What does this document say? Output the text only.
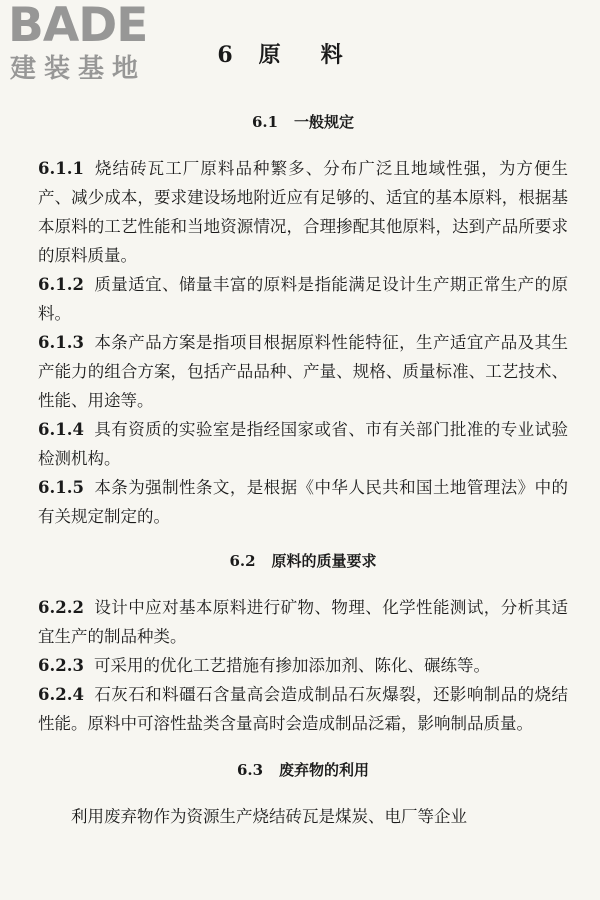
BADE
建装基地	6 原料
6.1 一般规定

6.1.1 烧结砖瓦工厂原料品种繁多、分布广泛且地域性强，为方便生产、减少成本，要求建设场地附近应有足够的、适宜的基本原料，根据基本原料的工艺性能和当地资源情况，合理掺配其他原料，达到产品所要求的原料质量。

6.1.2 质量适宜、储量丰富的原料是指能满足设计生产期正常生产的原料。

6.1.3 本条产品方案是指项目根据原料性能特征，生产适宜产品及其生产能力的组合方案，包括产品品种、产量、规格、质量标准、工艺技术、性能、用途等。

6.1.4 具有资质的实验室是指经国家或省、市有关部门批准的专业试验检测机构。

6.1.5 本条为强制性条文，是根据《中华人民共和国土地管理法》中的有关规定制定的。

6.2 原料的质量要求

6.2.2 设计中应对基本原料进行矿物、物理、化学性能测试，分析其适宜生产的制品种类。

6.2.3 可采用的优化工艺措施有掺加添加剂、陈化、碾练等。

6.2.4 石灰石和料礓石含量高会造成制品石灰爆裂，还影响制品的烧结性能。原料中可溶性盐类含量高时会造成制品泛霜，影响制品质量。

6.3 废弃物的利用

利用废弃物作为资源生产烧结砖瓦是煤炭、电厂等企业
